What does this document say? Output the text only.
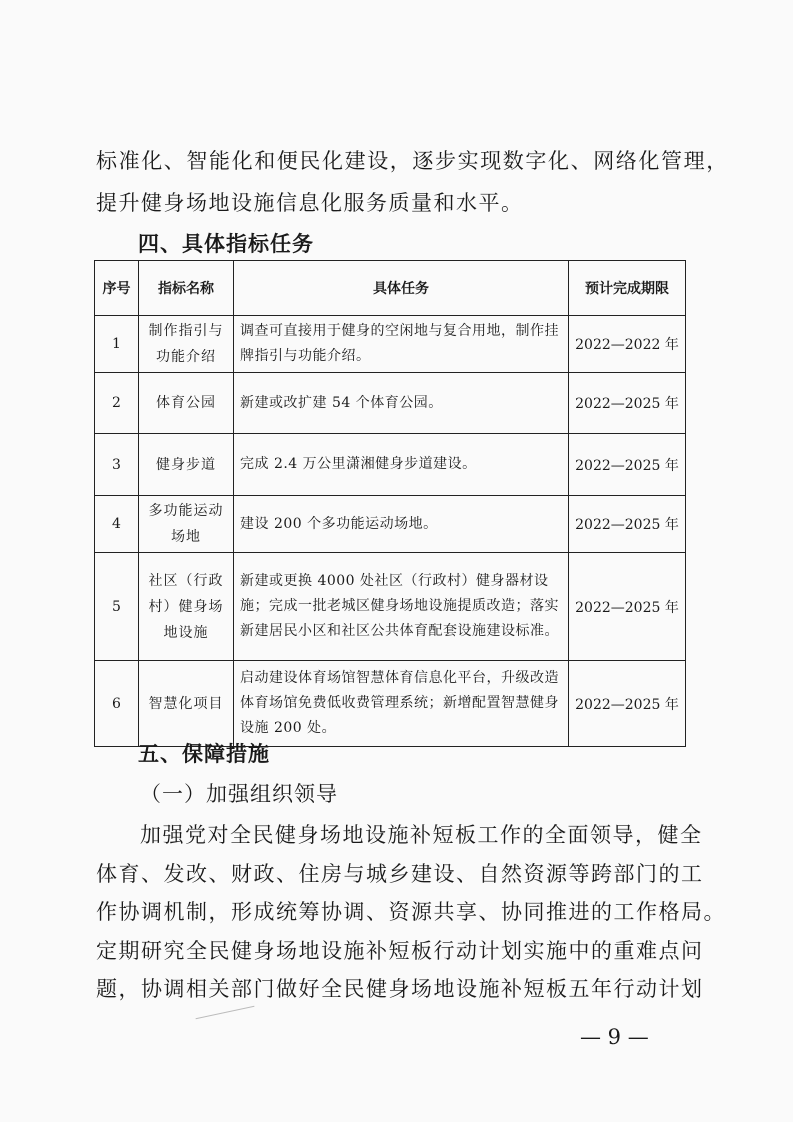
标准化、智能化和便民化建设，逐步实现数字化、网络化管理，
提升健身场地设施信息化服务质量和水平。
四、具体指标任务
序号	指标名称	具体任务	预计完成期限
1	制作指引与功能介绍	调查可直接用于健身的空闲地与复合用地，制作挂牌指引与功能介绍。	2022—2022 年
2	体育公园	新建或改扩建 54 个体育公园。	2022—2025 年
3	健身步道	完成 2.4 万公里潇湘健身步道建设。	2022—2025 年
4	多功能运动场地	建设 200 个多功能运动场地。	2022—2025 年
5	社区（行政村）健身场地设施	新建或更换 4000 处社区（行政村）健身器材设施；完成一批老城区健身场地设施提质改造；落实新建居民小区和社区公共体育配套设施建设标准。	2022—2025 年
6	智慧化项目	启动建设体育场馆智慧体育信息化平台，升级改造体育场馆免费低收费管理系统；新增配置智慧健身设施 200 处。	2022—2025 年
五、保障措施
（一）加强组织领导
加强党对全民健身场地设施补短板工作的全面领导，健全
体育、发改、财政、住房与城乡建设、自然资源等跨部门的工
作协调机制，形成统筹协调、资源共享、协同推进的工作格局。
定期研究全民健身场地设施补短板行动计划实施中的重难点问
题，协调相关部门做好全民健身场地设施补短板五年行动计划
— 9 —
